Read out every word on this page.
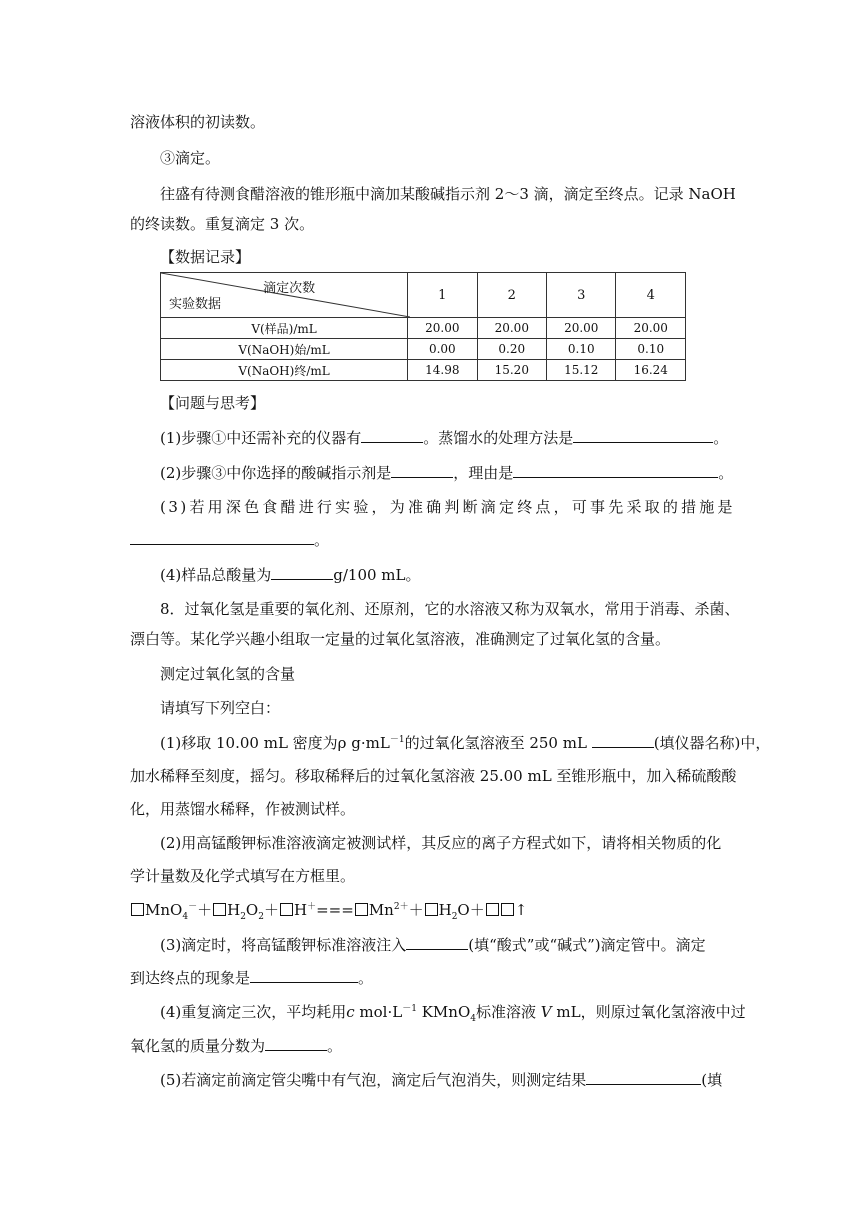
溶液体积的初读数。
③滴定。
往盛有待测食醋溶液的锥形瓶中滴加某酸碱指示剂 2～3 滴，滴定至终点。记录 NaOH
的终读数。重复滴定 3 次。
【数据记录】
滴定次数
实验数据	1	2	3	4
V(样品)/mL	20.00	20.00	20.00	20.00
V(NaOH)始/mL	0.00	0.20	0.10	0.10
V(NaOH)终/mL	14.98	15.20	15.12	16.24
【问题与思考】
(1)步骤①中还需补充的仪器有	。蒸馏水的处理方法是	。
(2)步骤③中你选择的酸碱指示剂是	，理由是	。
(3)若用深色食醋进行实验，为准确判断滴定终点，可事先采取的措施是
。
(4)样品总酸量为	g/100 mL。
8．过氧化氢是重要的氧化剂、还原剂，它的水溶液又称为双氧水，常用于消毒、杀菌、
漂白等。某化学兴趣小组取一定量的过氧化氢溶液，准确测定了过氧化氢的含量。
测定过氧化氢的含量
请填写下列空白：
(1)移取 10.00 mL 密度为ρ $g\cdot mL^{-1}$的过氧化氢溶液至 250 mL	(填仪器名称)中，
加水稀释至刻度，摇匀。移取稀释后的过氧化氢溶液 25.00 mL 至锥形瓶中，加入稀硫酸酸
化，用蒸馏水稀释，作被测试样。
(2)用高锰酸钾标准溶液滴定被测试样，其反应的离子方程式如下，请将相关物质的化
学计量数及化学式填写在方框里。
$MnO_4^-+ H_2O_2+ H^+=== Mn^{2+}+ H_2O+$ ↑
(3)滴定时，将高锰酸钾标准溶液注入	(填“酸式”或“碱式”)滴定管中。滴定
到达终点的现象是	。
(4)重复滴定三次，平均耗用c $mol\cdot L^{-1}$ KMnO$_4$标准溶液 V mL，则原过氧化氢溶液中过
氧化氢的质量分数为	。
(5)若滴定前滴定管尖嘴中有气泡，滴定后气泡消失，则测定结果	(填
